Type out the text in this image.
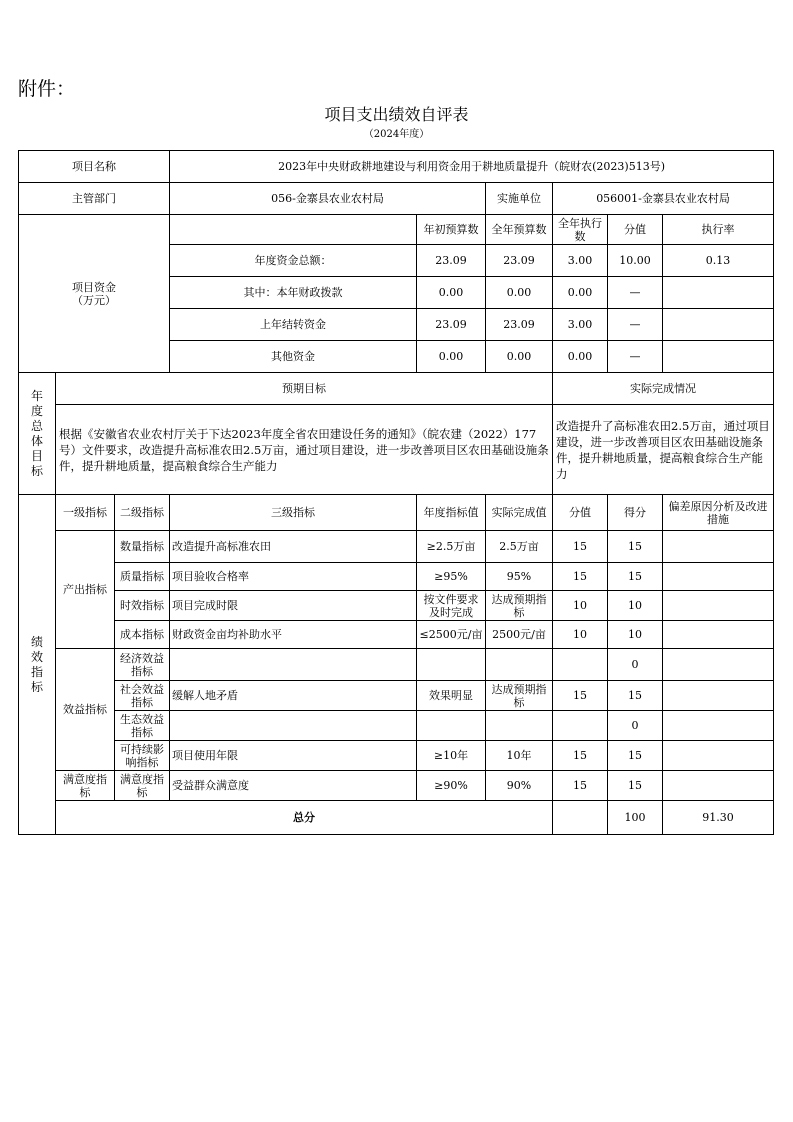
附件：
项目支出绩效自评表
（2024年度）
项目名称			2023年中央财政耕地建设与利用资金用于耕地质量提升（皖财农(2023)513号)						
主管部门			056-金寨县农业农村局		实施单位	056001-金寨县农业农村局			
项目资金（万元）				年初预算数	全年预算数	全年执行数	分值	执行率	
			年度资金总额：	23.09	23.09	3.00	10.00	0.13	
			其中：本年财政拨款	0.00	0.00	0.00	—		
			上年结转资金	23.09	23.09	3.00	—		
			其他资金	0.00	0.00	0.00	—		
年度总体目标	预期目标					实际完成情况			
	根据《安徽省农业农村厅关于下达2023年度全省农田建设任务的通知》（皖农建（2022）177号）文件要求，改造提升高标准农田2.5万亩，通过项目建设，进一步改善项目区农田基础设施条件，提升耕地质量，提高粮食综合生产能力					改造提升了高标准农田2.5万亩，通过项目建设，进一步改善项目区农田基础设施条件，提升耕地质量，提高粮食综合生产能力			
绩效指标	一级指标	二级指标	三级指标	年度指标值	实际完成值	分值	得分	偏差原因分析及改进措施	
	产出指标	数量指标	改造提升高标准农田	≥2.5万亩	2.5万亩	15	15		
		质量指标	项目验收合格率	≥95%	95%	15	15		
		时效指标	项目完成时限	按文件要求及时完成	达成预期指标	10	10		
		成本指标	财政资金亩均补助水平	≤2500元/亩	2500元/亩	10	10		
	效益指标	经济效益指标					0		
		社会效益指标	缓解人地矛盾	效果明显	达成预期指标	15	15		
		生态效益指标					0		
		可持续影响指标	项目使用年限	≥10年	10年	15	15		
	满意度指标	满意度指标	受益群众满意度	≥90%	90%	15	15		
	总分						100	91.30	
